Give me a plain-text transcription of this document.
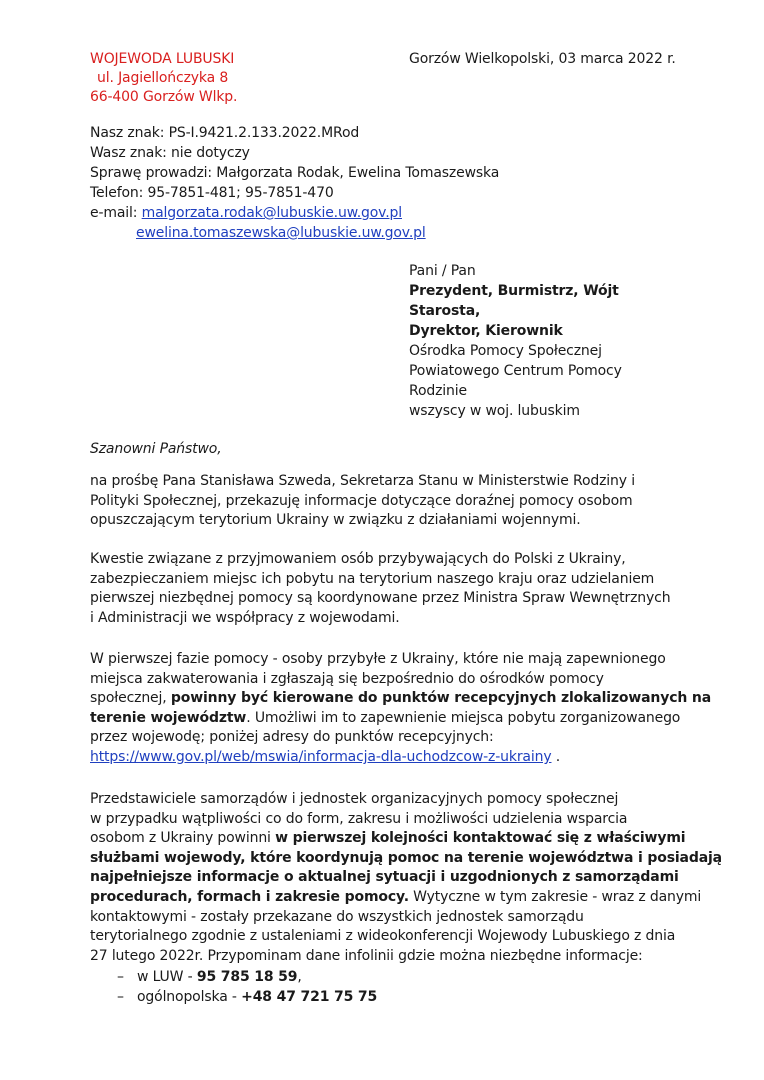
WOJEWODA LUBUSKI
ul. Jagiellończyka 8
66-400 Gorzów Wlkp.
Gorzów Wielkopolski, 03 marca 2022 r.
Nasz znak: PS-I.9421.2.133.2022.MRod
Wasz znak: nie dotyczy
Sprawę prowadzi: Małgorzata Rodak, Ewelina Tomaszewska
Telefon: 95-7851-481; 95-7851-470
e-mail: malgorzata.rodak@lubuskie.uw.gov.pl
ewelina.tomaszewska@lubuskie.uw.gov.pl
Pani / Pan
Prezydent, Burmistrz, Wójt
Starosta,
Dyrektor, Kierownik
Ośrodka Pomocy Społecznej
Powiatowego Centrum Pomocy
Rodzinie
wszyscy w woj. lubuskim
Szanowni Państwo,
na prośbę Pana Stanisława Szweda, Sekretarza Stanu w Ministerstwie Rodziny i
Polityki Społecznej, przekazuję informacje dotyczące doraźnej pomocy osobom
opuszczającym terytorium Ukrainy w związku z działaniami wojennymi.
Kwestie związane z przyjmowaniem osób przybywających do Polski z Ukrainy,
zabezpieczaniem miejsc ich pobytu na terytorium naszego kraju oraz udzielaniem
pierwszej niezbędnej pomocy są koordynowane przez Ministra Spraw Wewnętrznych
i Administracji we współpracy z wojewodami.
W pierwszej fazie pomocy - osoby przybyłe z Ukrainy, które nie mają zapewnionego
miejsca zakwaterowania i zgłaszają się bezpośrednio do ośrodków pomocy
społecznej, powinny być kierowane do punktów recepcyjnych zlokalizowanych na
terenie województw. Umożliwi im to zapewnienie miejsca pobytu zorganizowanego
przez wojewodę; poniżej adresy do punktów recepcyjnych:
https://www.gov.pl/web/mswia/informacja-dla-uchodzcow-z-ukrainy .
Przedstawiciele samorządów i jednostek organizacyjnych pomocy społecznej
w przypadku wątpliwości co do form, zakresu i możliwości udzielenia wsparcia
osobom z Ukrainy powinni w pierwszej kolejności kontaktować się z właściwymi
służbami wojewody, które koordynują pomoc na terenie województwa i posiadają
najpełniejsze informacje o aktualnej sytuacji i uzgodnionych z samorządami
procedurach, formach i zakresie pomocy. Wytyczne w tym zakresie - wraz z danymi
kontaktowymi - zostały przekazane do wszystkich jednostek samorządu
terytorialnego zgodnie z ustaleniami z wideokonferencji Wojewody Lubuskiego z dnia
27 lutego 2022r. Przypominam dane infolinii gdzie można niezbędne informacje:
– w LUW - 95 785 18 59,
– ogólnopolska - +48 47 721 75 75
